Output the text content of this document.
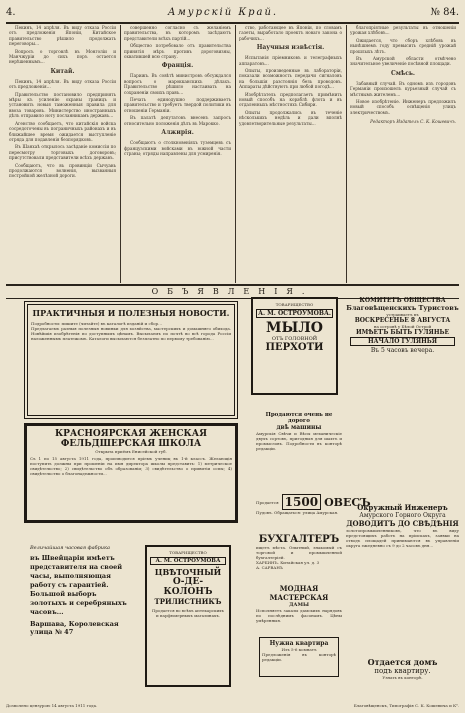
4.	Амурскій Край.	№ 84.

Пекинъ, 14 апрѣля. Въ виду отказа Россіи отъ предложенія Японіи, Китайское правительство рѣшило продолжать переговоры...

Вопросъ о торговлѣ въ Монголіи и Манчжуріи до сихъ поръ остается нерѣшеннымъ...

Китай.

Пекинъ, 14 апрѣля. Въ виду отказа Россіи отъ предложенія…

Правительство постановило предпринять мѣры къ усиленію охраны границъ и установить новыя таможенныя правила для ввоза товаровъ. Министерство иностранныхъ дѣлъ отправило ноту посланникамъ державъ...

Агенство сообщаетъ, что китайскія войска сосредоточены въ пограничныхъ районахъ и въ ближайшее время ожидается выступленіе отряда для подавленія безпорядковъ.

Въ Шанхаѣ открылось засѣданіе комиссіи по пересмотру торговыхъ договоровъ; присутствовали представители всѣхъ державъ.

Сообщаютъ, что въ провинціи Сычуань продолжаются волненія, вызванныя постройкой желѣзной дороги.

совершенно согласно съ желаніемъ правительства, въ которомъ засѣдаютъ представители всѣхъ партій...

Общество потребовало отъ правительства принятія мѣръ противъ дороговизны, охватившей всю страну.

Франція.

Парижъ. Въ совѣтѣ министровъ обсуждался вопросъ о марокканскихъ дѣлахъ. Правительство рѣшило настаивать на сохраненіи своихъ правъ...

Печать единодушно поддерживаетъ правительство и требуетъ твердой политики въ отношеніи Германіи.

Въ палатѣ депутатовъ внесенъ запросъ относительно положенія дѣлъ въ Марокко.

Алжирія.

Сообщаютъ о столкновеніяхъ туземцевъ съ французскими войсками въ южной части страны; отряды направлены для усмиренія.

ство, работающее въ Японіи, по словамъ газеты, выработало проектъ новаго закона о рабочихъ...

Научныя извѣстія.

Испытанія пріемниковъ и телеграфныхъ аппаратовъ…

Опыты, произведенные въ лабораторіи, показали возможность передачи сигналовъ на большія разстоянія безъ проводовъ. Аппараты дѣйствуютъ при любой погодѣ...

Изобрѣтатель предполагаетъ примѣнить новый способъ на кораблѣ флота и въ отдаленныхъ мѣстностяхъ Сибири.

Опыты продолжались въ теченіе нѣсколькихъ недѣль и дали вполнѣ удовлетворительные результаты...

благопріятные результаты въ отношеніи урожая хлѣбовъ...

Ожидается, что сборъ хлѣбовъ въ нынѣшнемъ году превысить средній урожай прошлыхъ лѣтъ.

Въ Амурской области отмѣчено значительное увеличеніе посѣвной площади.

Смѣсь.

Забавный случай. Въ одномъ изъ городовъ Германіи произошелъ курьезный случай съ мѣстнымъ жителемъ...

Новое изобрѣтеніе. Инженеръ предложилъ новый способъ освѣщенія улицъ электричествомъ.

Редакторъ Издатель С. К. Кошевичъ.
ОБЪЯВЛЕНІЯ.
ПРАКТИЧНЫЯ И ПОЛЕЗНЫЯ НОВОСТИ.
Подробности: пишите (читайте) въ каталогѣ изданій и сбор…
Предлагаемъ разныя полезныя новинки для хозяйства, мастерскихъ и домашняго обихода. Новѣйшія изобрѣтенія по доступнымъ цѣнамъ. Высылаемъ по почтѣ во всѣ города Россіи наложеннымъ платежомъ. Каталоги высылаются безплатно по первому требованію...
ТОВАРИЩЕСТВО
А. М. ОСТРОУМОВА.
МЫЛО
ОТЪ ГОЛОВНОЙ
ПЕРХОТИ
КОМИТЕТЪ ОБЩЕСТВА
Благовѣщенскихъ Туристовъ
устраиваетъ въ
ВОСКРЕСЕНЬЕ 8 АВГУСТА
на островѣ у Бѣлой Острой
ИМѢЕТЪ БЫТЬ ГУЛЯНЬЕ
НАЧАЛО ГУЛЯНЬЯ
Въ 5 часовъ вечера.
КРАСНОЯРСКАЯ ЖЕНСКАЯ
ФЕЛЬДШЕРСКАЯ ШКОЛА
Открыта приёмъ Енисейской губ.
Съ 1 по 15 августа 1911 года, производится пріемъ учениц въ 1-й классъ. Желающія поступить должны при прошеніи на имя директора школы представить: 1) метрическое свидѣтельство; 2) свидѣтельство объ образованіи; 3) свидѣтельство о привитіи оспы; 4) свидѣтельство о благонадежности...
Продаются очень не дорого
двѣ машины
Амурскія Свѣчи и Вѣсы механическіе двухъ сортовъ, пригодныя для шахтъ и промысловъ. Подробности въ конторѣ редакціи.
Продается 1500 ОВЕСЪ
Пудовъ. Обращаться: улица Амурская.
БУХГАЛТЕРЪ
ищетъ мѣста. Опытный, знакомый съ торговой и промышленной бухгалтеріей.
ХАРБИНЪ. Китайская ул. д. 3
А. САРВАНЪ
МОДНАЯ МАСТЕРСКАЯ
ДАМЫ
Исполняетъ заказы дамскихъ нарядовъ по послѣднимъ фасонамъ. Цѣны умѣренныя.
Нужна квартира
Изъ 5-6 комнатъ
Предложенія въ конторѣ редакціи.
Величайшая часовая фабрика
въ Швейцаріи имѣетъ представителя на своей часы, выполняющая работу съ гарантіей. Большой выборъ золотыхъ и серебряныхъ часовъ...
Варшава, Королевская улица № 47
ТОВАРИЩЕСТВО
А. М. ОСТРОУМОВА
ЦВѢТОЧНЫЙ
О-ДЕ-КОЛОНЪ
ТРИЛИСТНИКЪ
Продается во всѣхъ аптекарскихъ и парфюмерныхъ магазинахъ.
Окружный Инженеръ
Амурского Горного Округа
ДОВОДИТЪ ДО СВѢДѢНІЯ
золотопромышленниковъ, что въ виду предстоящихъ работъ на пріискахъ, заявки на отводъ площадей принимаются въ управленіи округа ежедневно съ 9 до 2 часовъ дня...
Отдается домъ
подъ квартиру.
Узнать въ конторѣ.
Дозволено цензурою 14 августа 1911 года.	Благовѣщенскъ, Типографія С. К. Кошевича и К⁰.
